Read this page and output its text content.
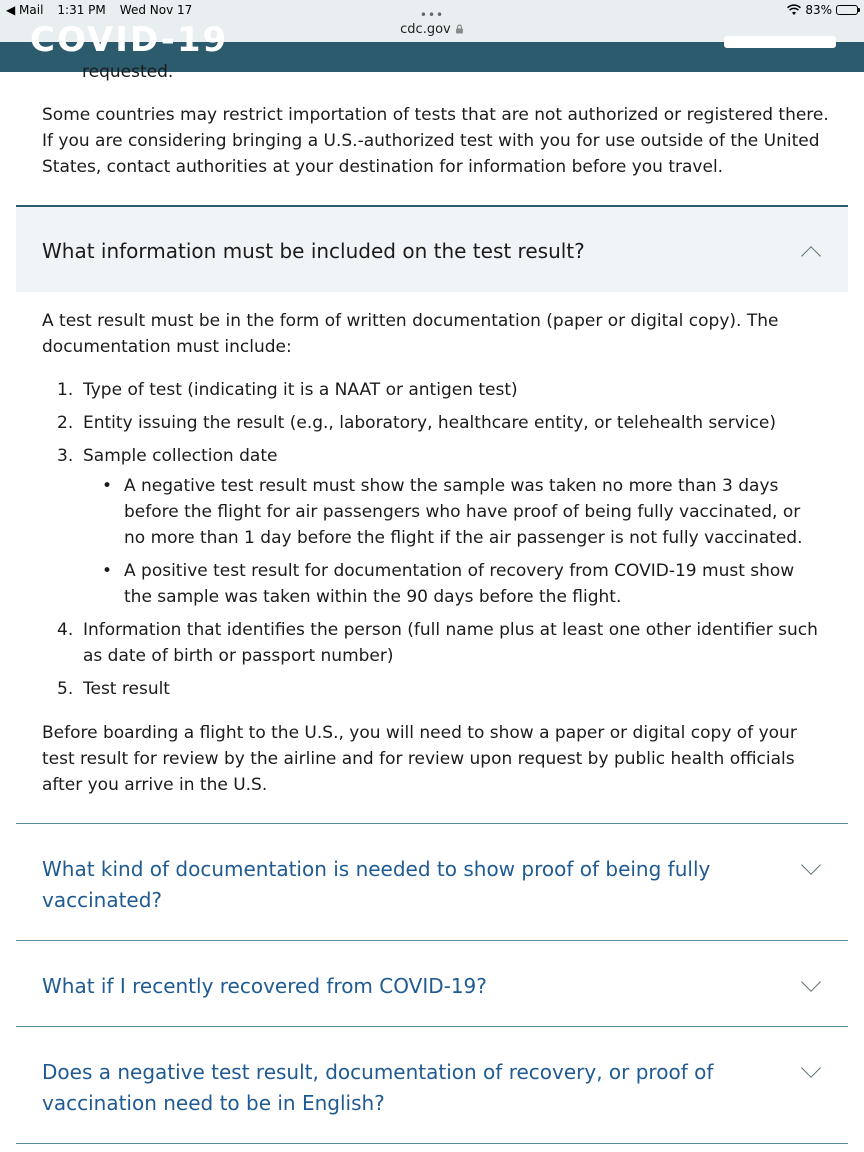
◀ Mail 1:31 PM Wed Nov 17	83%
•••
cdc.gov
COVID-19
requested.

Some countries may restrict importation of tests that are not authorized or registered there. If you are considering bringing a U.S.-authorized test with you for use outside of the United States, contact authorities at your destination for information before you travel.

What information must be included on the test result?

A test result must be in the form of written documentation (paper or digital copy). The documentation must include:

1. Type of test (indicating it is a NAAT or antigen test)
2. Entity issuing the result (e.g., laboratory, healthcare entity, or telehealth service)
3. Sample collection date
• A negative test result must show the sample was taken no more than 3 days before the flight for air passengers who have proof of being fully vaccinated, or no more than 1 day before the flight if the air passenger is not fully vaccinated.
• A positive test result for documentation of recovery from COVID-19 must show the sample was taken within the 90 days before the flight.
4. Information that identifies the person (full name plus at least one other identifier such as date of birth or passport number)
5. Test result

Before boarding a flight to the U.S., you will need to show a paper or digital copy of your test result for review by the airline and for review upon request by public health officials after you arrive in the U.S.

What kind of documentation is needed to show proof of being fully vaccinated?
What if I recently recovered from COVID-19?
Does a negative test result, documentation of recovery, or proof of vaccination need to be in English?
